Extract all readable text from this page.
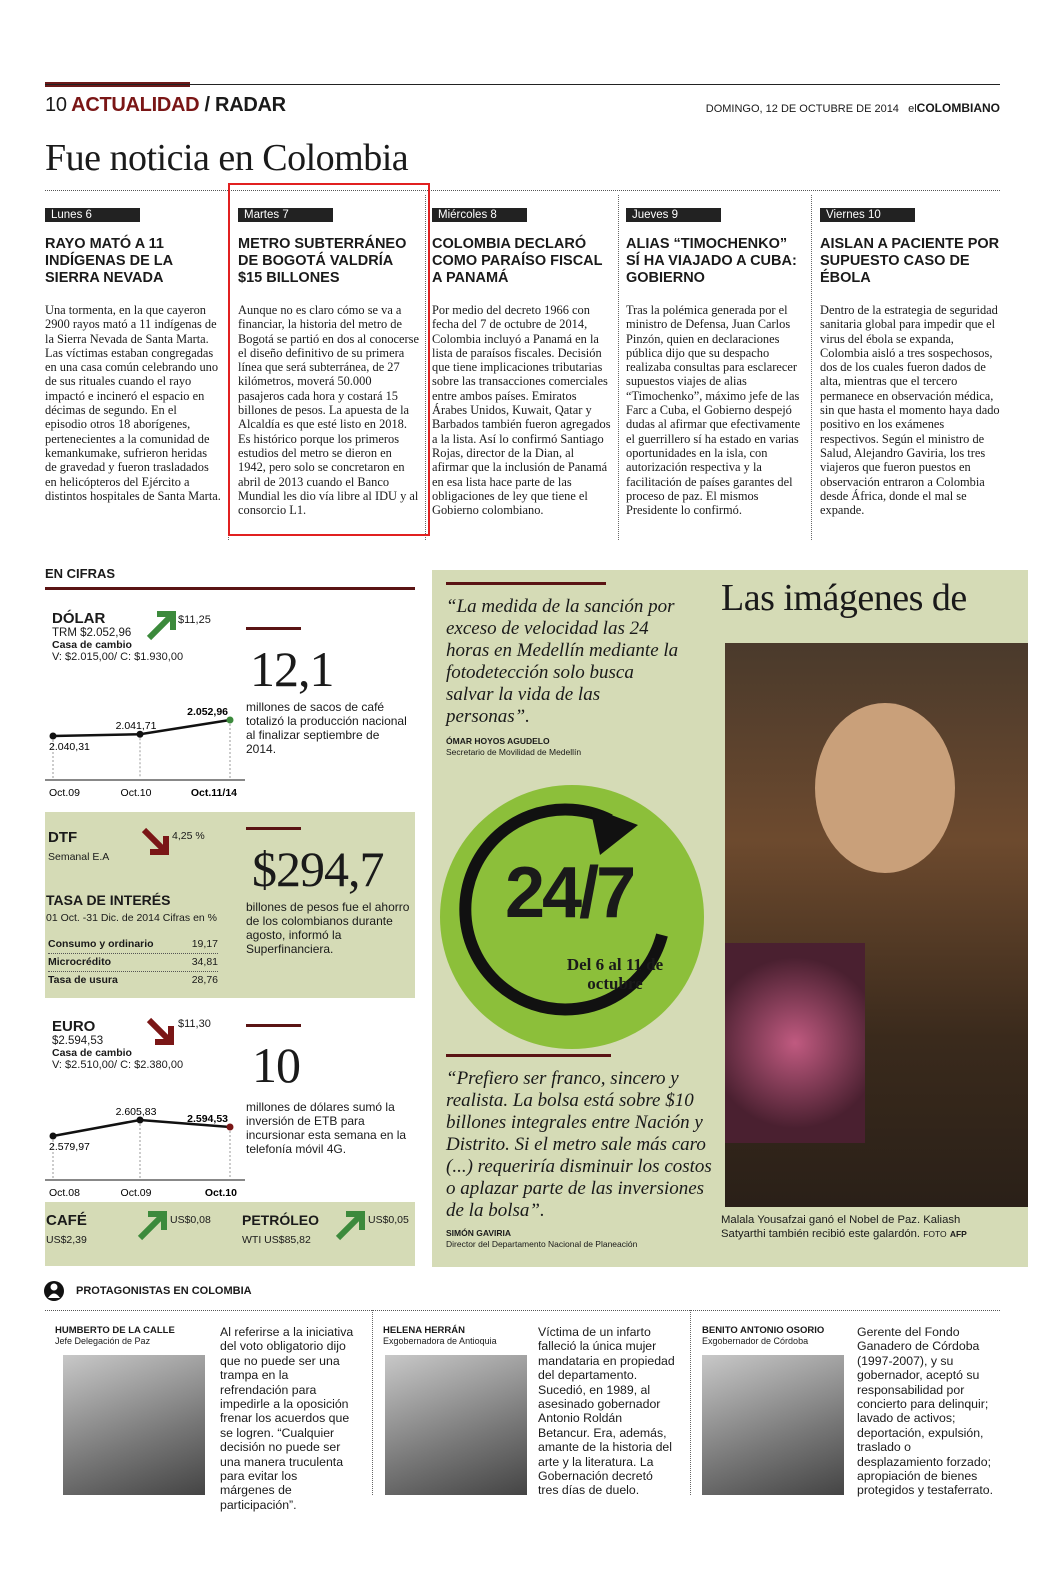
10 ACTUALIDAD / RADAR	DOMINGO, 12 DE OCTUBRE DE 2014 elCOLOMBIANO
Fue noticia en Colombia
Lunes 6
RAYO MATÓ A 11 INDÍGENAS DE LA SIERRA NEVADA

Una tormenta, en la que cayeron 2900 rayos mató a 11 indígenas de la Sierra Nevada de Santa Marta. Las víctimas estaban congregadas en una casa común celebrando uno de sus rituales cuando el rayo impactó e incineró el espacio en décimas de segundo. En el episodio otros 18 aborígenes, pertenecientes a la comunidad de kemankumake, sufrieron heridas de gravedad y fueron trasladados en helicópteros del Ejército a distintos hospitales de Santa Marta.

Martes 7
METRO SUBTERRÁNEO DE BOGOTÁ VALDRÍA $15 BILLONES

Aunque no es claro cómo se va a financiar, la historia del metro de Bogotá se partió en dos al conocerse el diseño definitivo de su primera línea que será subterránea, de 27 kilómetros, moverá 50.000 pasajeros cada hora y costará 15 billones de pesos. La apuesta de la Alcaldía es que esté listo en 2018. Es histórico porque los primeros estudios del metro se dieron en 1942, pero solo se concretaron en abril de 2013 cuando el Banco Mundial les dio vía libre al IDU y al consorcio L1.

Miércoles 8
COLOMBIA DECLARÓ COMO PARAÍSO FISCAL A PANAMÁ

Por medio del decreto 1966 con fecha del 7 de octubre de 2014, Colombia incluyó a Panamá en la lista de paraísos fiscales. Decisión que tiene implicaciones tributarias sobre las transacciones comerciales entre ambos países. Emiratos Árabes Unidos, Kuwait, Qatar y Barbados también fueron agregados a la lista. Así lo confirmó Santiago Rojas, director de la Dian, al afirmar que la inclusión de Panamá en esa lista hace parte de las obligaciones de ley que tiene el Gobierno colombiano.

Jueves 9
ALIAS “TIMOCHENKO” SÍ HA VIAJADO A CUBA: GOBIERNO

Tras la polémica generada por el ministro de Defensa, Juan Carlos Pinzón, quien en declaraciones pública dijo que su despacho realizaba consultas para esclarecer supuestos viajes de alias “Timochenko”, máximo jefe de las Farc a Cuba, el Gobierno despejó dudas al afirmar que efectivamente el guerrillero sí ha estado en varias oportunidades en la isla, con autorización respectiva y la facilitación de países garantes del proceso de paz. El mismos Presidente lo confirmó.

Viernes 10
AISLAN A PACIENTE POR SUPUESTO CASO DE ÉBOLA

Dentro de la estrategia de seguridad sanitaria global para impedir que el virus del ébola se expanda, Colombia aisló a tres sospechosos, dos de los cuales fueron dados de alta, mientras que el tercero permanece en observación médica, sin que hasta el momento haya dado positivo en los exámenes respectivos. Según el ministro de Salud, Alejandro Gaviria, los tres viajeros que fueron puestos en observación entraron a Colombia desde África, donde el mal se expande.

EN CIFRAS
DÓLAR
TRM $2.052,96
Casa de cambio
V: $2.015,00/ C: $1.930,00
$11,25
2.040,31
Oct.09
2.041,71
Oct.10
2.052,96
Oct.11/14
12,1
millones de sacos de café totalizó la producción nacional al finalizar septiembre de 2014.
DTF
Semanal E.A
4,25 %
TASA DE INTERÉS
01 Oct. -31 Dic. de 2014 Cifras en %
Consumo y ordinario	19,17
Microcrédito	34,81
Tasa de usura	28,76
$294,7
billones de pesos fue el ahorro de los colombianos durante agosto, informó la Superfinanciera.
EURO
$2.594,53
Casa de cambio
V: $2.510,00/ C: $2.380,00
$11,30
2.579,97
Oct.08
2.605,83
Oct.09
2.594,53
Oct.10
10
millones de dólares sumó la inversión de ETB para incursionar esta semana en la telefonía móvil 4G.
CAFÉ
US$2,39
US$0,08 PETRÓLEO
WTI US$85,82
US$0,05
“La medida de la sanción por exceso de velocidad las 24 horas en Medellín mediante la fotodetección solo busca salvar la vida de las personas”.
ÓMAR HOYOS AGUDELO
Secretario de Movilidad de Medellín
24/7
Del 6 al 11 de octubre
“Prefiero ser franco, sincero y realista. La bolsa está sobre $10 billones integrales entre Nación y Distrito. Si el metro sale más caro (...) requeriría disminuir los costos o aplazar parte de las inversiones de la bolsa”.
SIMÓN GAVIRIA
Director del Departamento Nacional de Planeación
Las imágenes de
Malala Yousafzai ganó el Nobel de Paz. Kaliash Satyarthi también recibió este galardón. FOTO AFP
PROTAGONISTAS EN COLOMBIA
HUMBERTO DE LA CALLE
Jefe Delegación de Paz
Al referirse a la iniciativa del voto obligatorio dijo que no puede ser una trampa en la refrendación para impedirle a la oposición frenar los acuerdos que se logren. “Cualquier decisión no puede ser una manera truculenta para evitar los márgenes de participación”.
HELENA HERRÁN
Exgobernadora de Antioquia
Víctima de un infarto falleció la única mujer mandataria en propiedad del departamento. Sucedió, en 1989, al asesinado gobernador Antonio Roldán Betancur. Era, además, amante de la historia del arte y la literatura. La Gobernación decretó tres días de duelo.
BENITO ANTONIO OSORIO
Exgobernador de Córdoba
Gerente del Fondo Ganadero de Córdoba (1997-2007), y su gobernador, aceptó su responsabilidad por concierto para delinquir; lavado de activos; deportación, expulsión, traslado o desplazamiento forzado; apropiación de bienes protegidos y testaferrato.
